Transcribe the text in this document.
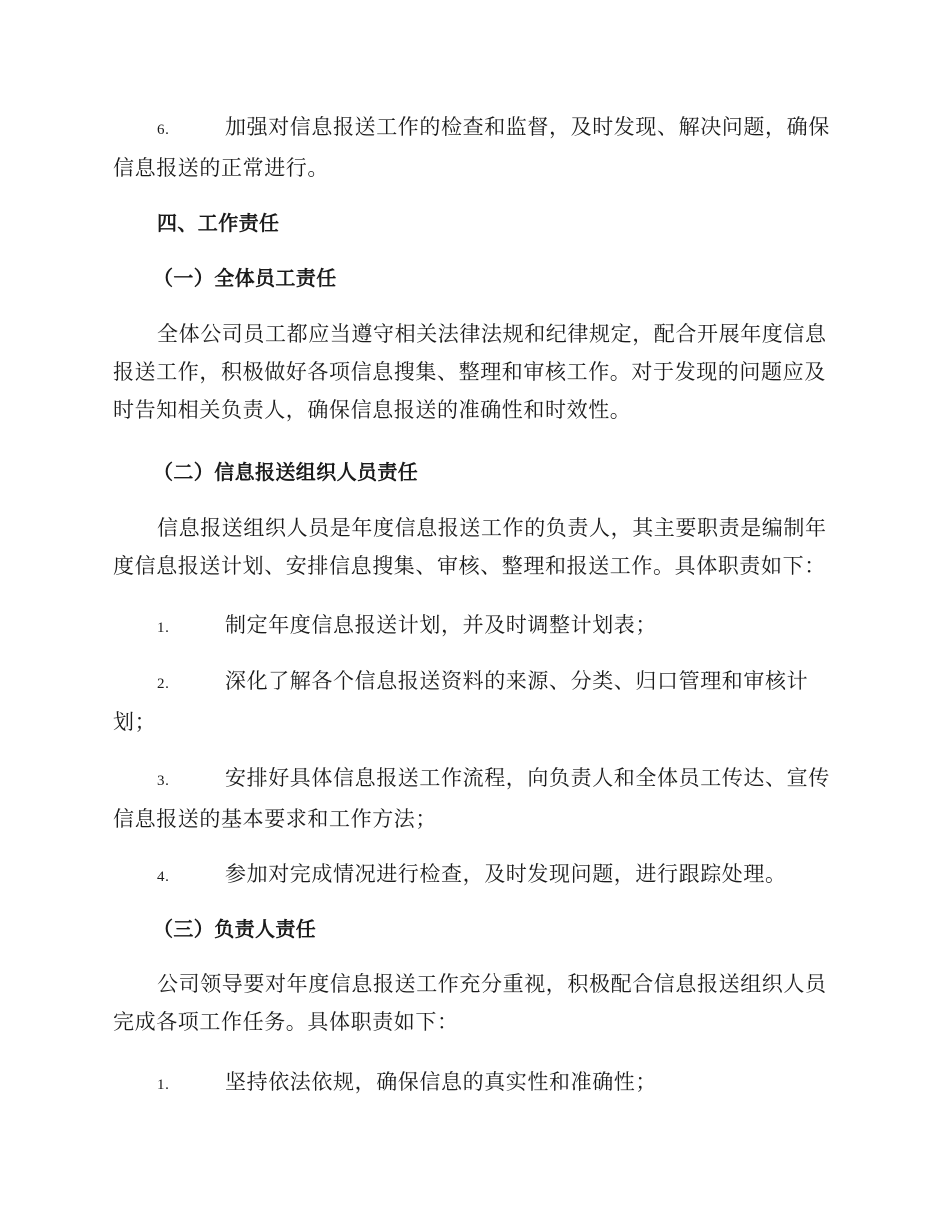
6.	加强对信息报送工作的检查和监督，及时发现、解决问题，确保信息报送的正常进行。

四、工作责任

（一）全体员工责任

全体公司员工都应当遵守相关法律法规和纪律规定，配合开展年度信息报送工作，积极做好各项信息搜集、整理和审核工作。对于发现的问题应及时告知相关负责人，确保信息报送的准确性和时效性。

（二）信息报送组织人员责任

信息报送组织人员是年度信息报送工作的负责人，其主要职责是编制年度信息报送计划、安排信息搜集、审核、整理和报送工作。具体职责如下：

1.	制定年度信息报送计划，并及时调整计划表；

2.	深化了解各个信息报送资料的来源、分类、归口管理和审核计划；

3.	安排好具体信息报送工作流程，向负责人和全体员工传达、宣传信息报送的基本要求和工作方法；

4.	参加对完成情况进行检查，及时发现问题，进行跟踪处理。

（三）负责人责任

公司领导要对年度信息报送工作充分重视，积极配合信息报送组织人员完成各项工作任务。具体职责如下：

1.	坚持依法依规，确保信息的真实性和准确性；
